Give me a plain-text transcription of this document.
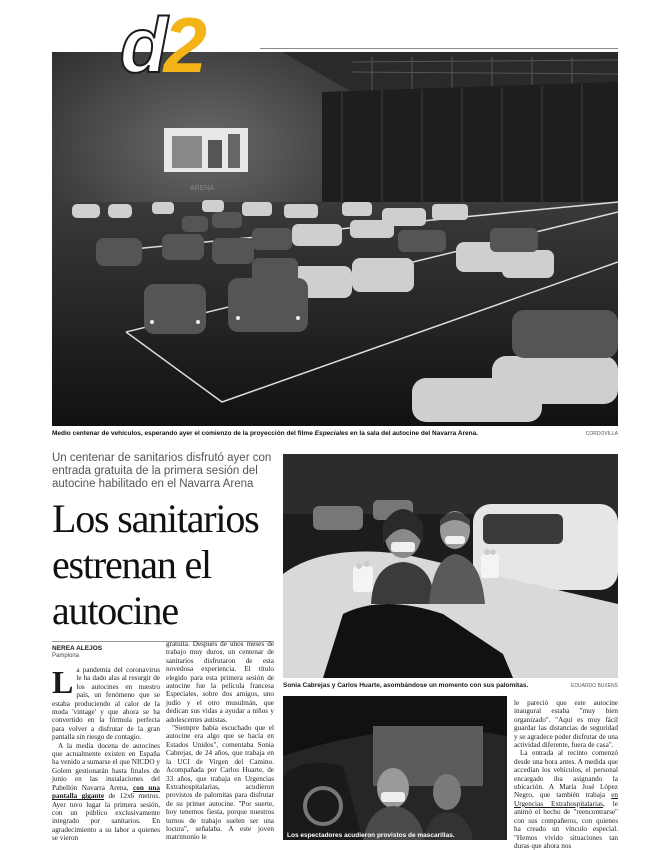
d2
ARENA
Medio centenar de vehículos, esperando ayer el comienzo de la proyección del filme Especiales en la sala del autocine del Navarra Arena.	CORDOVILLA
Un centenar de sanitarios disfrutó ayer con entrada gratuita de la primera sesión del autocine habilitado en el Navarra Arena
Los sanitarios estrenan el autocine
NEREA ALEJOS
Pamplona

La pandemia del coronavirus le ha dado alas al resurgir de los autocines en nuestro país, un fenómeno que se estaba produciendo al calor de la moda 'vintage' y que ahora se ha convertido en la fórmula perfecta para volver a disfrutar de la gran pantalla sin riesgo de contagio.

A la media docena de autocines que actualmente existen en España ha venido a sumarse el que NICDO y Golem gestionarán hasta finales de junio en las instalaciones del Pabellón Navarra Arena, con una pantalla gigante de 12x6 metros. Ayer tuvo lugar la primera sesión, con un público exclusivamente integrado por sanitarios. En agradecimiento a su labor a quienes se vieron

gratuita. Después de unos meses de trabajo muy duros, un centenar de sanitarios disfrutaron de esta novedosa experiencia. El título elegido para esta primera sesión de autocine fue la película francesa Especiales, sobre dos amigos, uno judío y el otro musulmán, que dedican sus vidas a ayudar a niños y adolescentes autistas.

"Siempre había escuchado que el autocine era algo que se hacía en Estados Unidos", comentaba Sonia Cabrejas, de 24 años, que trabaja en la UCI de Virgen del Camino. Acompañada por Carlos Huarte, de 33 años, que trabaja en Urgencias Extrahospitalarias, acudieron provistos de palomitas para disfrutar de su primer autocine. "Por suerte, hoy tenemos fiesta, porque nuestros turnos de trabajo suelen ser una locura", señalaba. A este joven matrimonio le

le pareció que este autocine inaugural estaba "muy bien organizado". "Aquí es muy fácil guardar las distancias de seguridad y se agradece poder disfrutar de una actividad diferente, fuera de casa".

La entrada al recinto comenzó desde una hora antes. A medida que accedían los vehículos, el personal encargado iba asignando la ubicación. A María José López Negro, que también trabaja en Urgencias Extrahospitalarias, le animó el hecho de "reencontrarse" con sus compañeros, con quienes ha creado un vínculo especial. "Hemos vivido situaciones tan duras que ahora nos

Sonia Cabrejas y Carlos Huarte, asombándose un momento con sus palomitas.	EDUARDO BUXENS
Los espectadores acudieron provistos de mascarillas.
